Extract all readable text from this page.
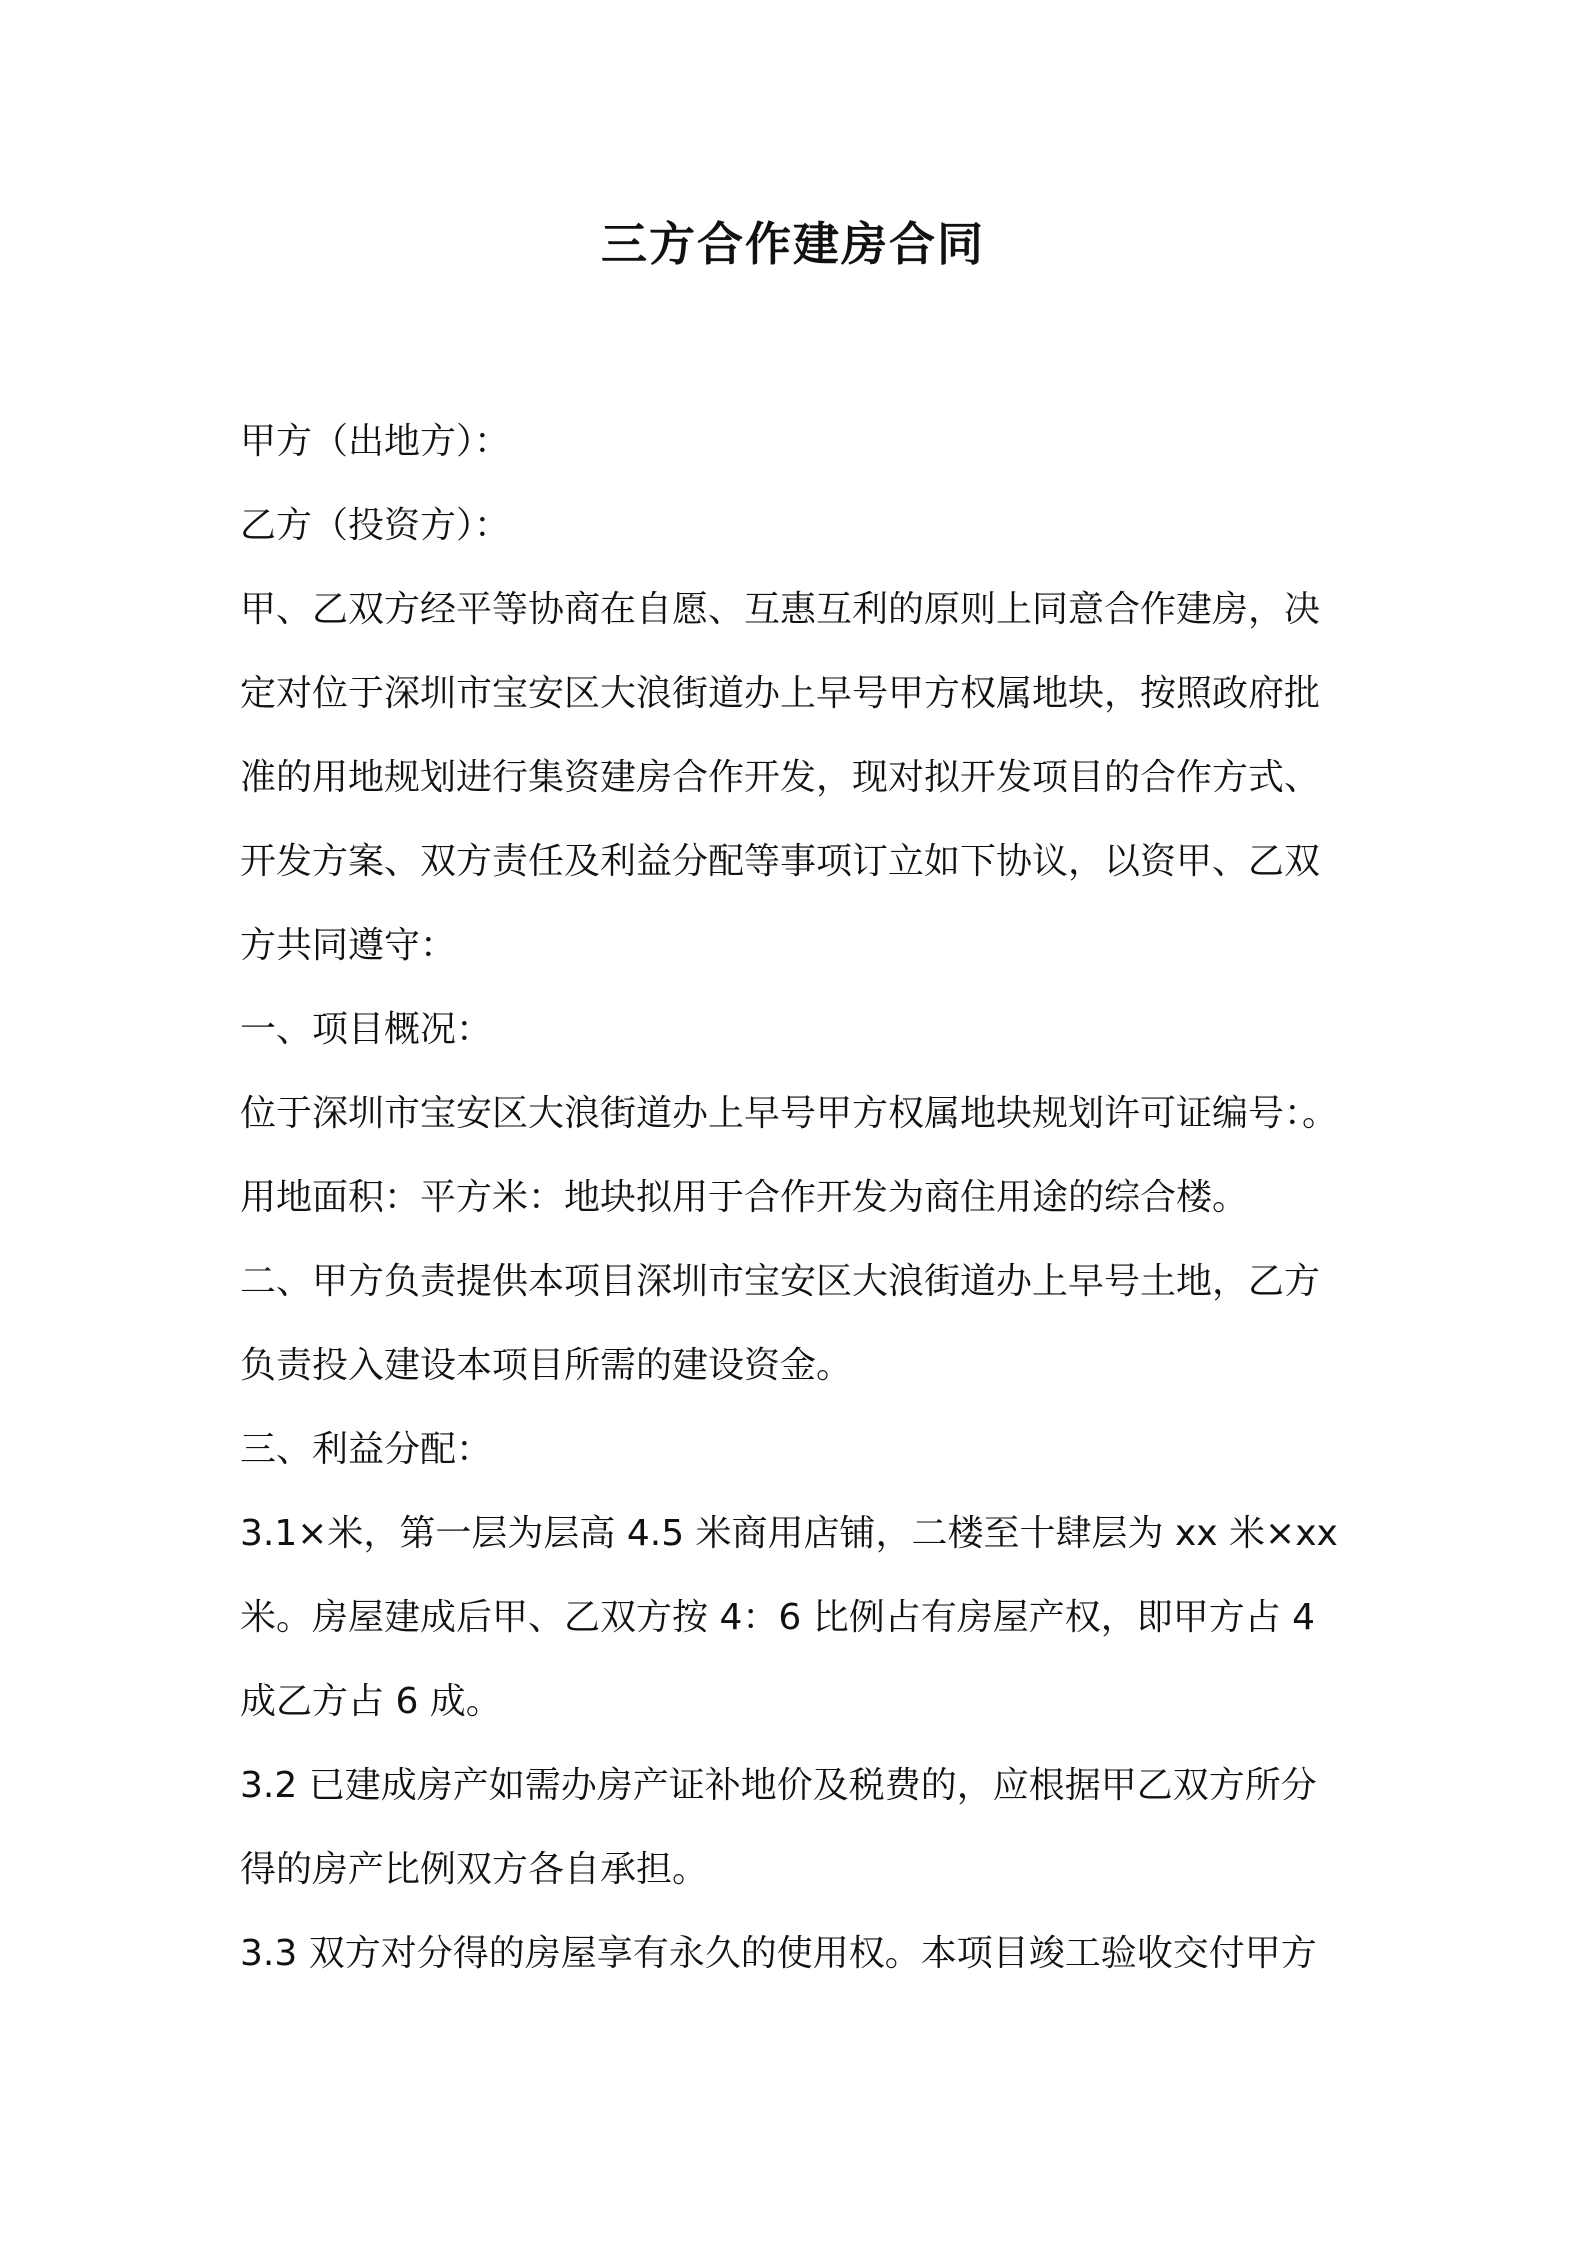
三方合作建房合同
甲方（出地方）：
乙方（投资方）：
甲、乙双方经平等协商在自愿、互惠互利的原则上同意合作建房，决
定对位于深圳市宝安区大浪街道办上早号甲方权属地块，按照政府批
准的用地规划进行集资建房合作开发，现对拟开发项目的合作方式、
开发方案、双方责任及利益分配等事项订立如下协议，以资甲、乙双
方共同遵守：
一、项目概况：
位于深圳市宝安区大浪街道办上早号甲方权属地块规划许可证编号：。
用地面积：平方米：地块拟用于合作开发为商住用途的综合楼。
二、甲方负责提供本项目深圳市宝安区大浪街道办上早号土地，乙方
负责投入建设本项目所需的建设资金。
三、利益分配：
3.1×米，第一层为层高 4.5 米商用店铺，二楼至十肆层为 xx 米×xx
米。房屋建成后甲、乙双方按 4：6 比例占有房屋产权，即甲方占 4
成乙方占 6 成。
3.2 已建成房产如需办房产证补地价及税费的，应根据甲乙双方所分
得的房产比例双方各自承担。
3.3 双方对分得的房屋享有永久的使用权。本项目竣工验收交付甲方
